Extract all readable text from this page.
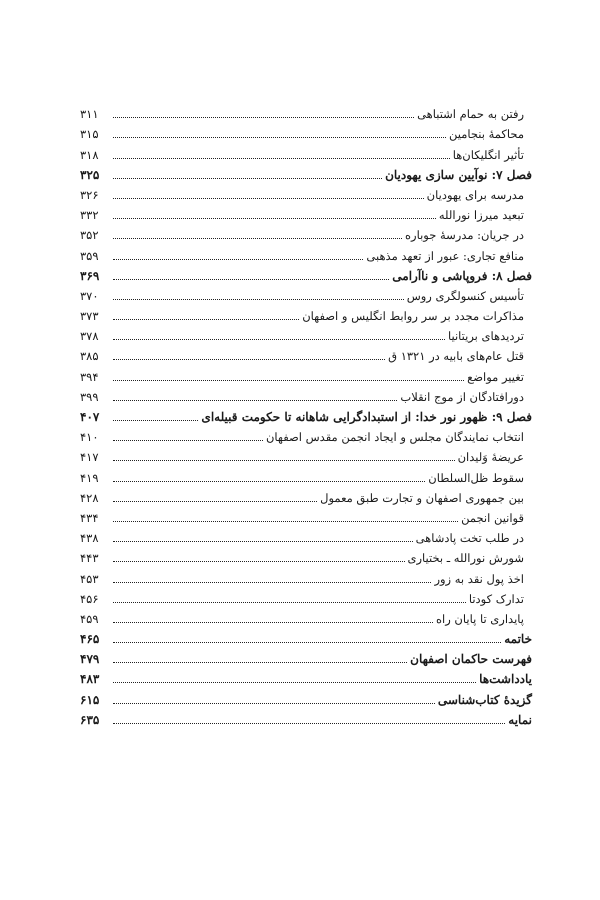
رفتن به حمام اشتباهی
۳۱۱
محاکمهٔ بنجامین
۳۱۵
تأثیر انگلیکان‌ها
۳۱۸
فصل ۷: نوآیین سازی یهودیان
۳۲۵
مدرسه برای یهودیان
۳۲۶
تبعید میرزا نورالله
۳۳۲
در جریان: مدرسهٔ جوباره
۳۵۲
منافع تجاری: عبور از تعهد مذهبی
۳۵۹
فصل ۸: فروپاشی و ناآرامی
۳۶۹
تأسیس کنسولگری روس
۳۷۰
مذاکرات مجدد بر سر روابط انگلیس و اصفهان
۳۷۳
تردیدهای بریتانیا
۳۷۸
قتل عام‌های بابیه در ۱۳۲۱ ق
۳۸۵
تغییر مواضع
۳۹۴
دورافتادگان از موج انقلاب
۳۹۹
فصل ۹: ظهور نور خدا: از استبدادگرایی شاهانه تا حکومت قبیله‌ای
۴۰۷
انتخاب نمایندگان مجلس و ایجاد انجمن مقدس اصفهان
۴۱۰
عریضهٔ وَلیدان
۴۱۷
سقوط ظل‌السلطان
۴۱۹
بین جمهوری اصفهان و تجارت طبق معمول
۴۲۸
قوانین انجمن
۴۳۴
در طلب تخت پادشاهی
۴۳۸
شورش نورالله ـ بختیاری
۴۴۳
اخذ پول نقد به زور
۴۵۳
تدارک کودتا
۴۵۶
پایداری تا پایان راه
۴۵۹
خاتمه
۴۶۵
فهرست حاکمان اصفهان
۴۷۹
یادداشت‌ها
۴۸۳
گزیدهٔ کتاب‌شناسی
۶۱۵
نمایه
۶۳۵
